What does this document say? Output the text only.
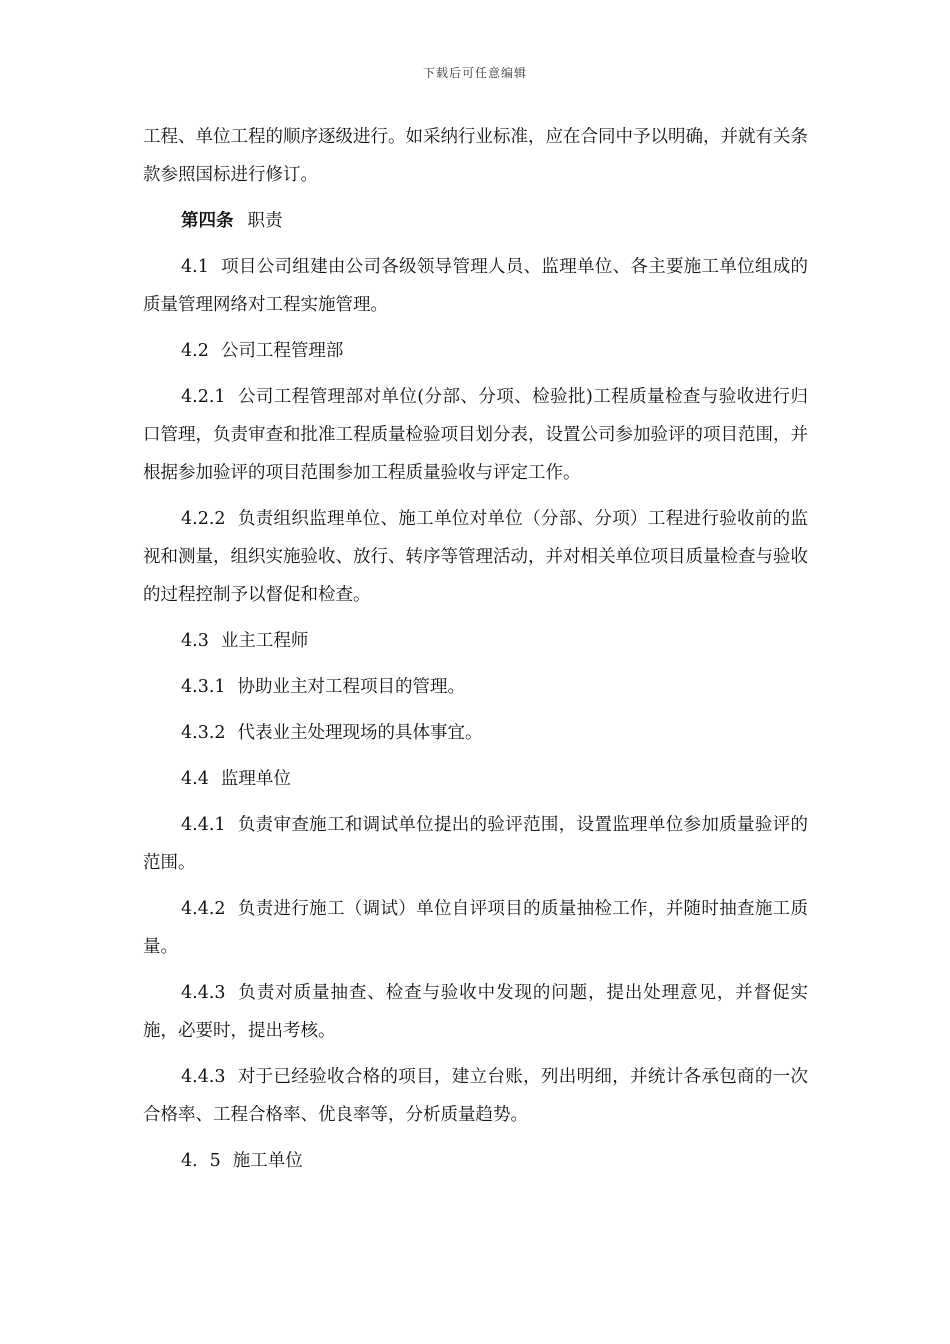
下载后可任意编辑

工程、单位工程的顺序逐级进行。如采纳行业标准，应在合同中予以明确，并就有关条款参照国标进行修订。

第四条 职责

4.1 项目公司组建由公司各级领导管理人员、监理单位、各主要施工单位组成的质量管理网络对工程实施管理。

4.2 公司工程管理部

4.2.1 公司工程管理部对单位(分部、分项、检验批)工程质量检查与验收进行归口管理，负责审查和批准工程质量检验项目划分表，设置公司参加验评的项目范围，并根据参加验评的项目范围参加工程质量验收与评定工作。

4.2.2 负责组织监理单位、施工单位对单位（分部、分项）工程进行验收前的监视和测量，组织实施验收、放行、转序等管理活动，并对相关单位项目质量检查与验收的过程控制予以督促和检查。

4.3 业主工程师

4.3.1 协助业主对工程项目的管理。

4.3.2 代表业主处理现场的具体事宜。

4.4 监理单位

4.4.1 负责审查施工和调试单位提出的验评范围，设置监理单位参加质量验评的范围。

4.4.2 负责进行施工（调试）单位自评项目的质量抽检工作，并随时抽查施工质量。

4.4.3 负责对质量抽查、检查与验收中发现的问题，提出处理意见，并督促实施，必要时，提出考核。

4.4.3 对于已经验收合格的项目，建立台账，列出明细，并统计各承包商的一次合格率、工程合格率、优良率等，分析质量趋势。

4．5 施工单位
